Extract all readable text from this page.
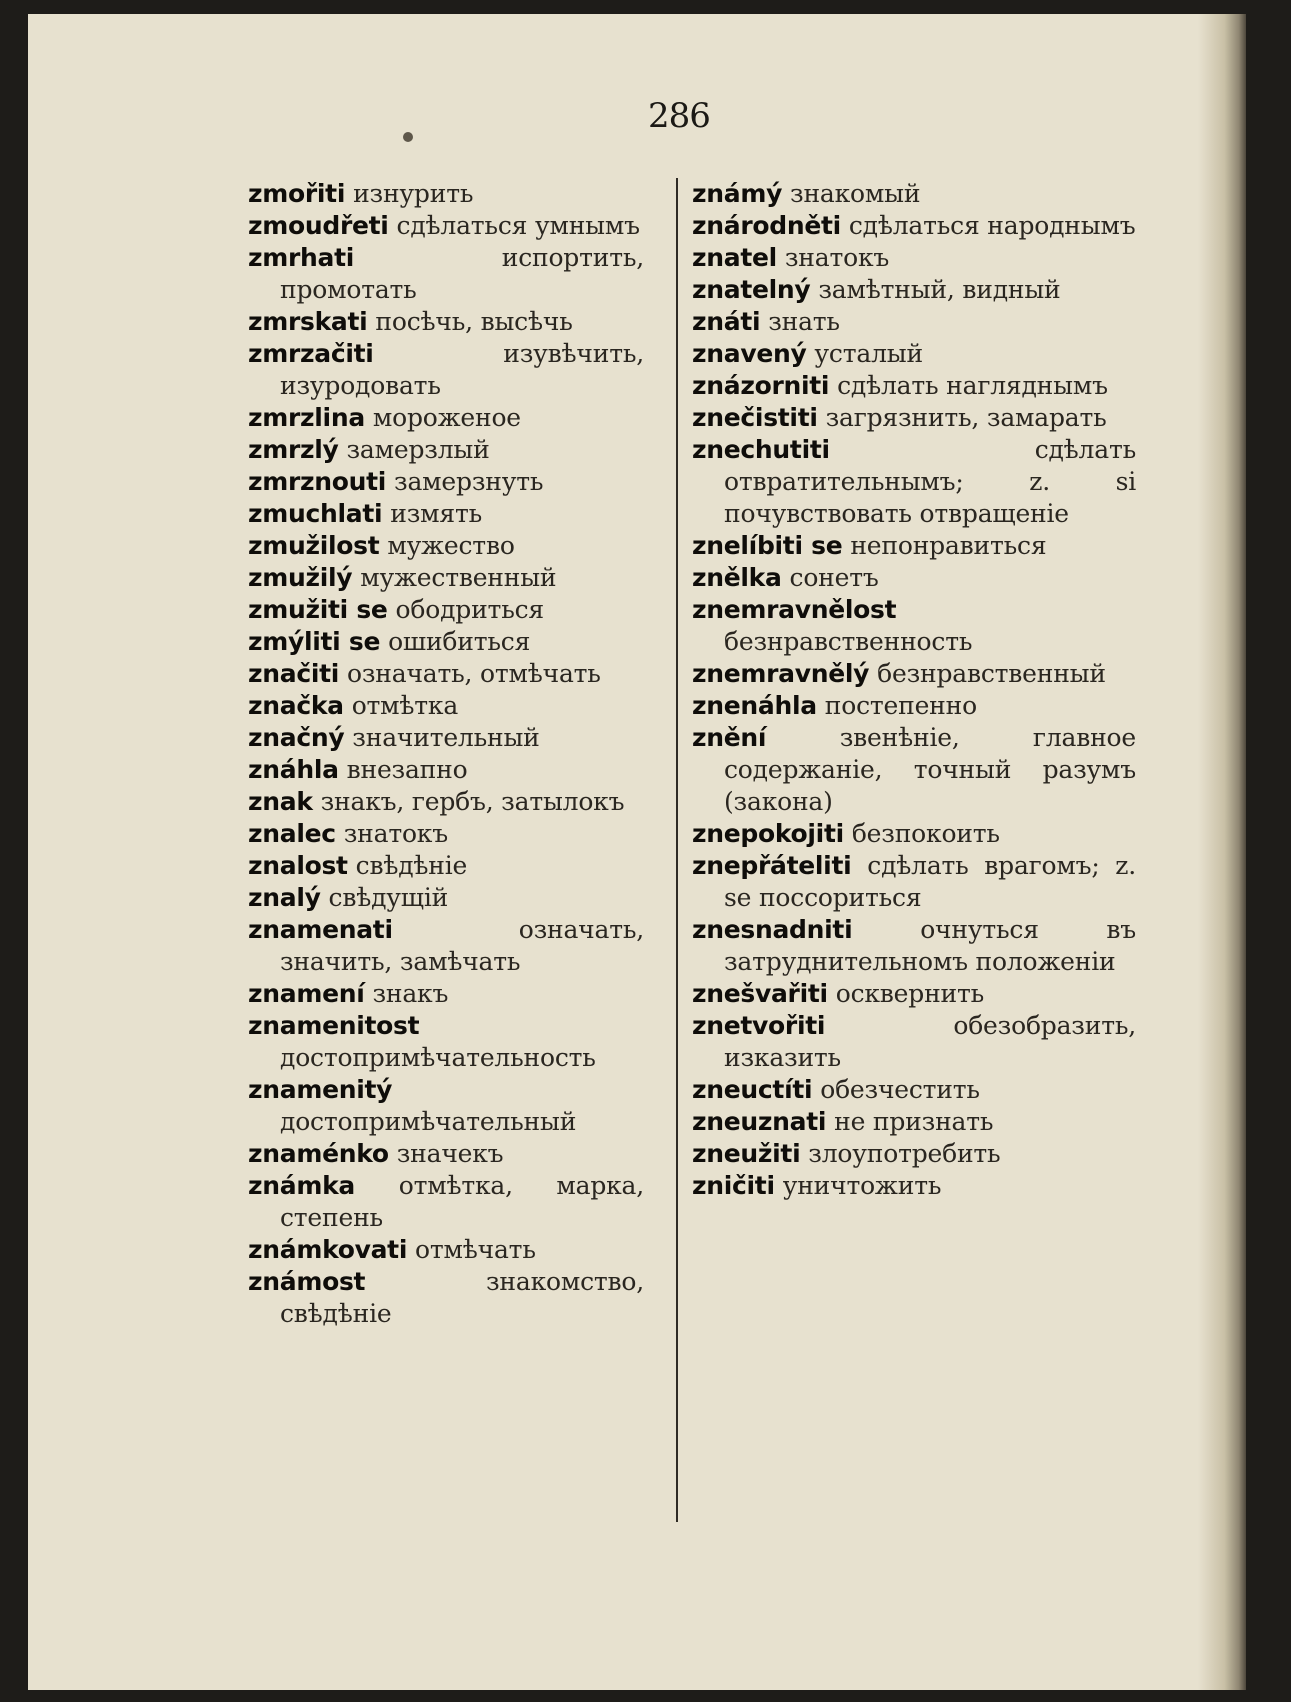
286

zmořiti изнурить

zmoudřeti сдѣлаться умнымъ

zmrhati	испортить, промотать

zmrskati посѣчь, высѣчь

zmrzačiti	изувѣчить, изуродовать

zmrzlina мороженое

zmrzlý замерзлый

zmrznouti замерзнуть

zmuchlati измять

zmužilost мужество

zmužilý мужественный

zmužiti se ободриться

zmýliti se ошибиться

značiti означать, отмѣчать

značka отмѣтка

značný значительный

znáhla внезапно

znak знакъ, гербъ, затылокъ

znalec знатокъ

znalost свѣдѣніе

znalý свѣдущій

znamenati	означать, значить, замѣчать

znamení знакъ

znamenitost достопримѣчательность

znamenitý достопримѣчательный

znaménko значекъ

známka отмѣтка, марка, степень

známkovati отмѣчать

známost	знакомство, свѣдѣніе

známý знакомый

znárodněti сдѣлаться народнымъ

znatel знатокъ

znatelný замѣтный, видный

znáti знать

znavený усталый

znázorniti сдѣлать нагляднымъ

znečistiti загрязнить, замарать

znechutiti	сдѣлать отвратительнымъ; z. si почувствовать отвращеніе

znelíbiti se непонравиться

znělka сонетъ

znemravnělost безнравственность

znemravnělý безнравственный

znenáhla постепенно

znění	звенѣніе, главное содержаніе, точный разумъ (закона)

znepokojiti безпокоить

znepřáteliti сдѣлать врагомъ; z. se поссориться

znesnadniti	очнуться въ затруднительномъ положеніи

znešvařiti осквернить

znetvořiti	обезобразить, изказить

zneuctíti обезчестить

zneuznati не признать

zneužiti злоупотребить

zničiti уничтожить
